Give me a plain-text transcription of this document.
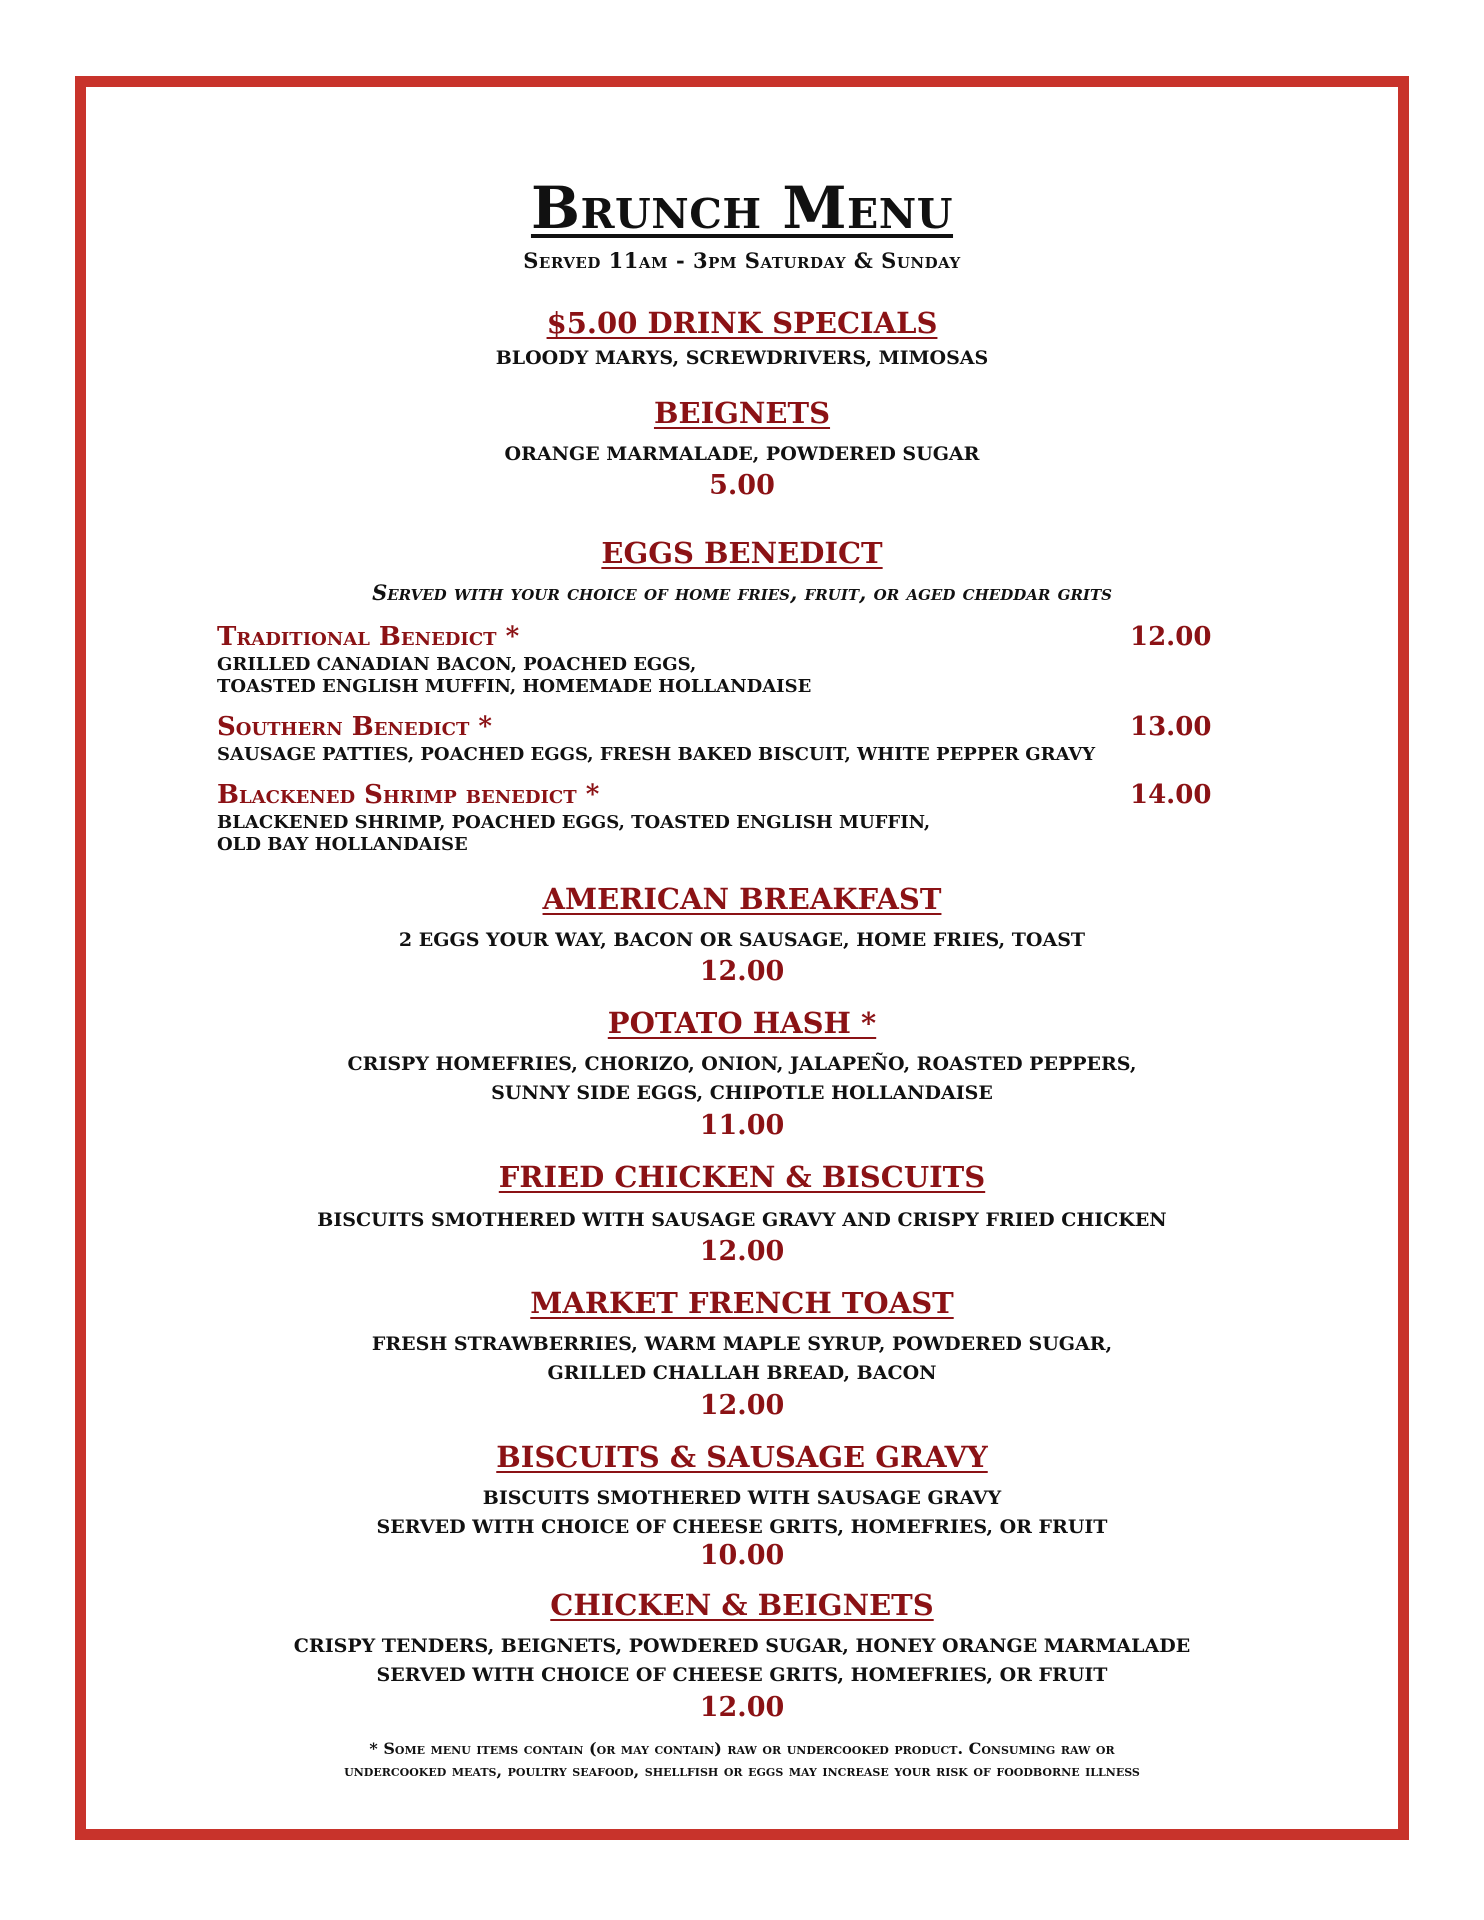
Brunch Menu
Served 11am - 3pm Saturday & Sunday
$5.00 DRINK SPECIALS
BLOODY MARYS, SCREWDRIVERS, MIMOSAS
BEIGNETS
ORANGE MARMALADE, POWDERED SUGAR
5.00
EGGS BENEDICT
Served with your choice of home fries, fruit, or aged cheddar grits
Traditional Benedict *	12.00
GRILLED CANADIAN BACON, POACHED EGGS,
TOASTED ENGLISH MUFFIN, HOMEMADE HOLLANDAISE
Southern Benedict *	13.00
SAUSAGE PATTIES, POACHED EGGS, FRESH BAKED BISCUIT, WHITE PEPPER GRAVY
Blackened Shrimp benedict *	14.00
BLACKENED SHRIMP, POACHED EGGS, TOASTED ENGLISH MUFFIN,
OLD BAY HOLLANDAISE
AMERICAN BREAKFAST
2 EGGS YOUR WAY, BACON OR SAUSAGE, HOME FRIES, TOAST
12.00
POTATO HASH *
CRISPY HOMEFRIES, CHORIZO, ONION, JALAPEÑO, ROASTED PEPPERS,
SUNNY SIDE EGGS, CHIPOTLE HOLLANDAISE
11.00
FRIED CHICKEN & BISCUITS
BISCUITS SMOTHERED WITH SAUSAGE GRAVY AND CRISPY FRIED CHICKEN
12.00
MARKET FRENCH TOAST
FRESH STRAWBERRIES, WARM MAPLE SYRUP, POWDERED SUGAR,
GRILLED CHALLAH BREAD, BACON
12.00
BISCUITS & SAUSAGE GRAVY
BISCUITS SMOTHERED WITH SAUSAGE GRAVY
SERVED WITH CHOICE OF CHEESE GRITS, HOMEFRIES, OR FRUIT
10.00
CHICKEN & BEIGNETS
CRISPY TENDERS, BEIGNETS, POWDERED SUGAR, HONEY ORANGE MARMALADE
SERVED WITH CHOICE OF CHEESE GRITS, HOMEFRIES, OR FRUIT
12.00
* Some menu items contain (or may contain) raw or undercooked product. Consuming raw or
undercooked meats, poultry seafood, shellfish or eggs may increase your risk of foodborne illness
